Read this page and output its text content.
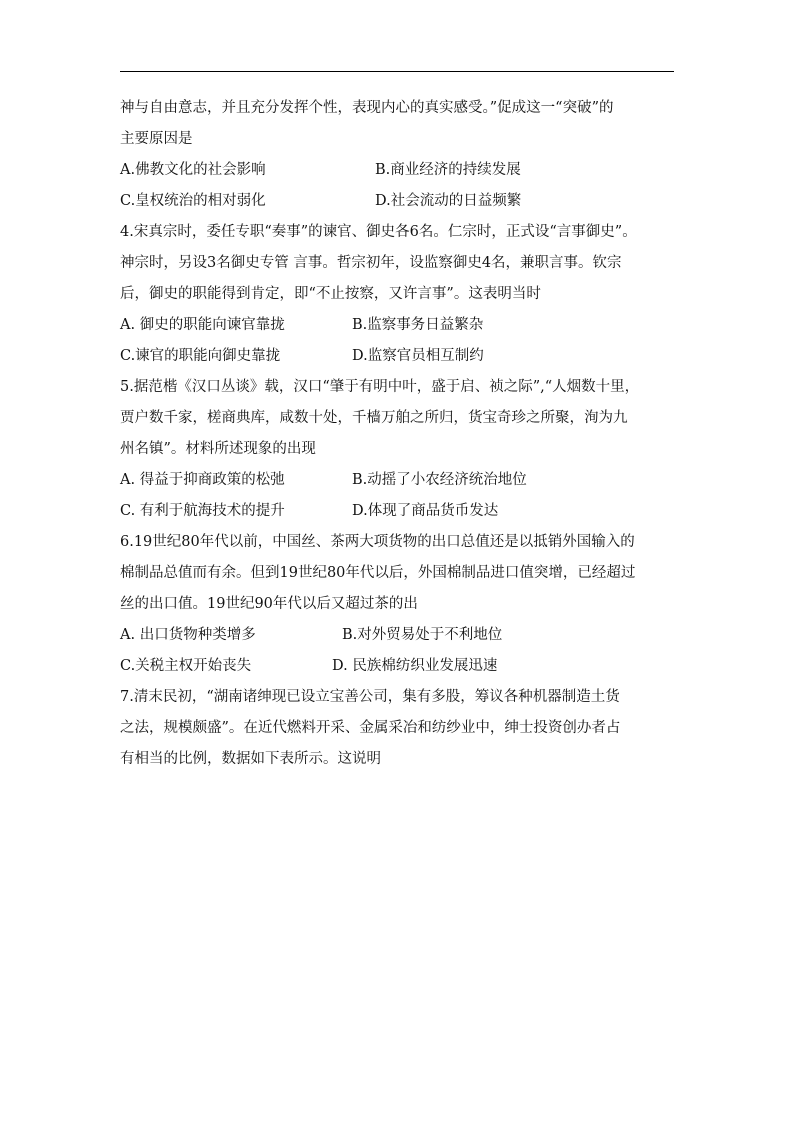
神与自由意志，并且充分发挥个性，表现内心的真实感受。”促成这一“突破”的
主要原因是
A.佛教文化的社会影响	B.商业经济的持续发展
C.皇权统治的相对弱化	D.社会流动的日益频繁
4.宋真宗时，委任专职“奏事”的谏官、御史各6名。仁宗时，正式设“言事御史”。
神宗时，另设3名御史专管 言事。哲宗初年，设监察御史4名，兼职言事。钦宗
后，御史的职能得到肯定，即“不止按察，又许言事”。这表明当时
A. 御史的职能向谏官靠拢	B.监察事务日益繁杂
C.谏官的职能向御史靠拢	D.监察官员相互制约
5.据范楷《汉口丛谈》载，汉口“肇于有明中叶，盛于启、祯之际”,“人烟数十里，
贾户数千家，槎商典库，咸数十处，千樯万舶之所归，货宝奇珍之所聚，洵为九
州名镇”。材料所述现象的出现
A. 得益于抑商政策的松弛	B.动摇了小农经济统治地位
C. 有利于航海技术的提升	D.体现了商品货币发达
6.19世纪80年代以前，中国丝、茶两大项货物的出口总值还是以抵销外国输入的
棉制品总值而有余。但到19世纪80年代以后，外国棉制品进口值突增，已经超过
丝的出口值。19世纪90年代以后又超过茶的出
A. 出口货物种类增多	B.对外贸易处于不利地位
C.关税主权开始丧失	D. 民族棉纺织业发展迅速
7.清末民初，“湖南诸绅现已设立宝善公司，集有多股，筹议各种机器制造土货
之法，规模颇盛”。在近代燃料开采、金属采冶和纺纱业中，绅士投资创办者占
有相当的比例，数据如下表所示。这说明
